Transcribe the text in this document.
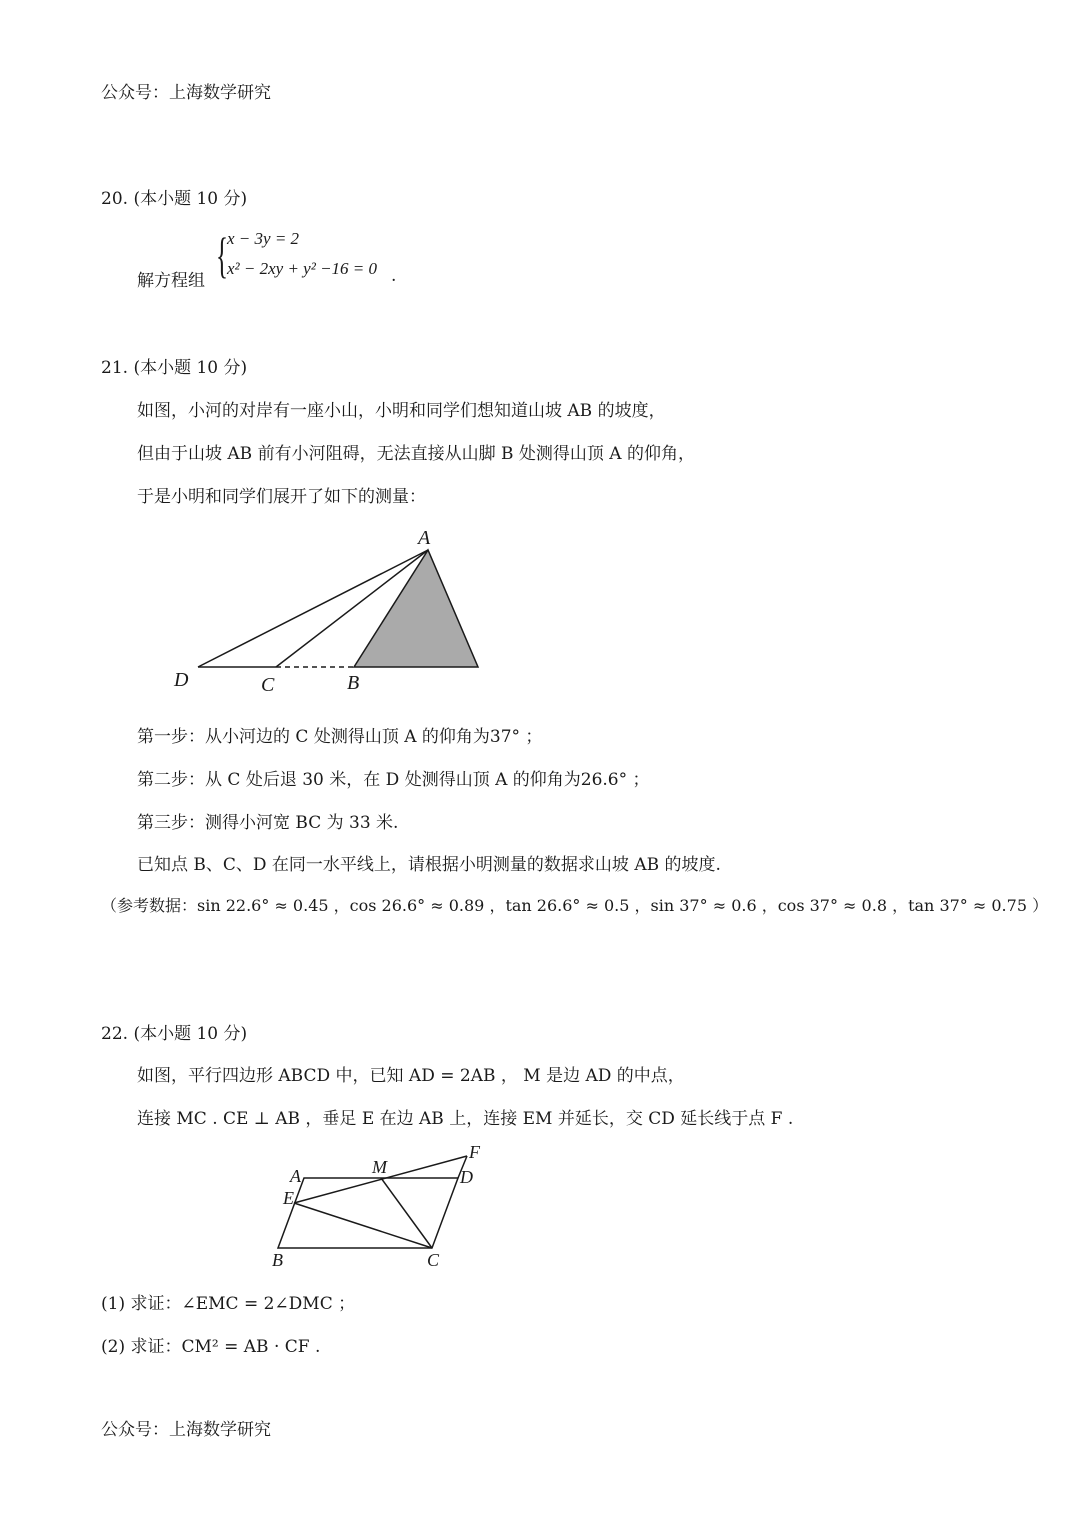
公众号：上海数学研究
20. (本小题 10 分)
解方程组 { x − 3y = 2
x² − 2xy + y² −16 = 0 .
21. (本小题 10 分)
如图，小河的对岸有一座小山，小明和同学们想知道山坡 AB 的坡度，
但由于山坡 AB 前有小河阻碍，无法直接从山脚 B 处测得山顶 A 的仰角，
于是小明和同学们展开了如下的测量：
A
D	C	B
第一步：从小河边的 C 处测得山顶 A 的仰角为37° ；
第二步：从 C 处后退 30 米，在 D 处测得山顶 A 的仰角为26.6° ；
第三步：测得小河宽 BC 为 33 米.
已知点 B、C、D 在同一水平线上，请根据小明测量的数据求山坡 AB 的坡度.
（参考数据：sin 22.6° ≈ 0.45 ，cos 26.6° ≈ 0.89 ，tan 26.6° ≈ 0.5 ，sin 37° ≈ 0.6 ，cos 37° ≈ 0.8 ，tan 37° ≈ 0.75 ）
22. (本小题 10 分)
如图，平行四边形 ABCD 中，已知 AD = 2AB ， M 是边 AD 的中点，
连接 MC . CE ⊥ AB ，垂足 E 在边 AB 上，连接 EM 并延长，交 CD 延长线于点 F .
A
E
B	C
D
F
M
(1) 求证：∠EMC = 2∠DMC ；
(2) 求证：CM² = AB · CF .
公众号：上海数学研究
